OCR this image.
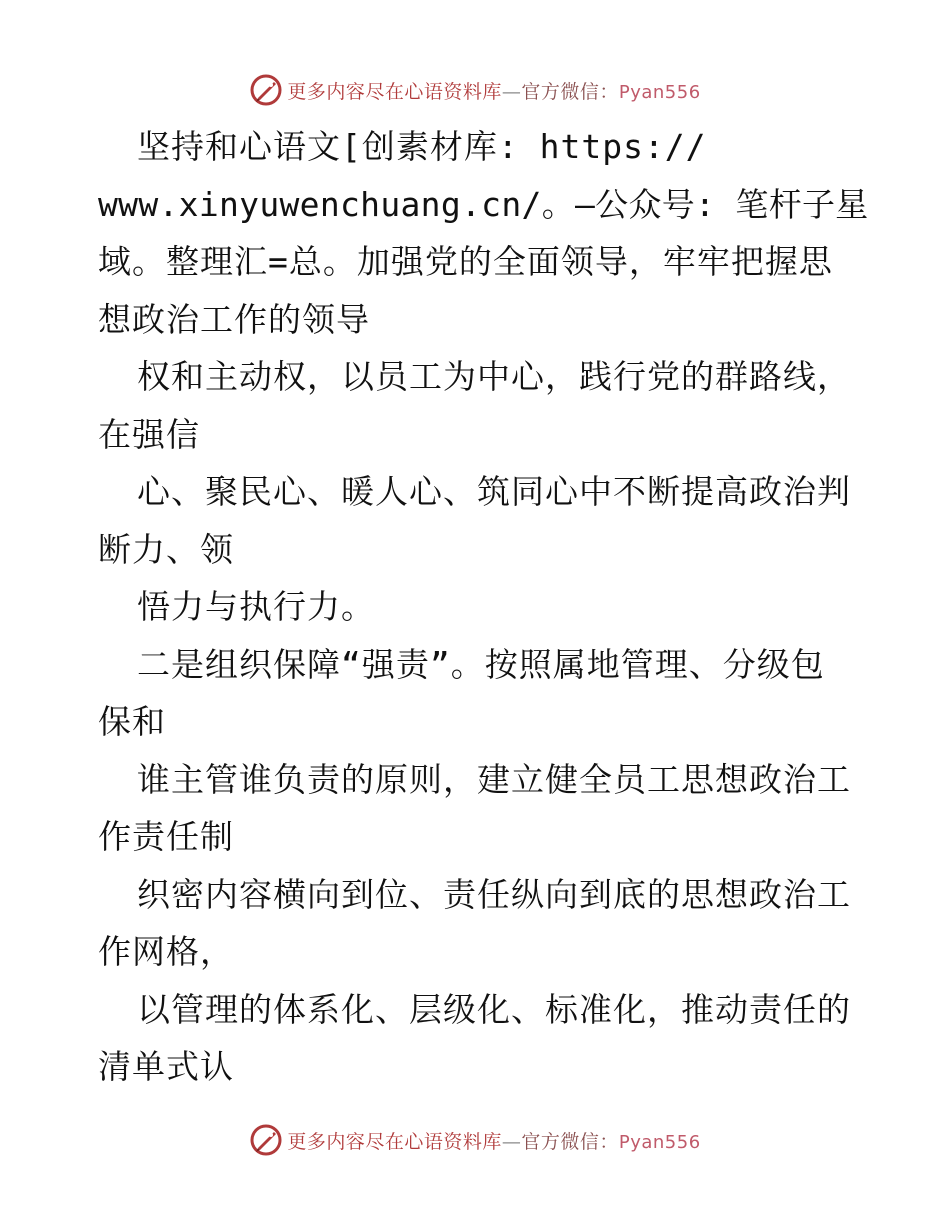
更多内容尽在心语资料库—官方微信：Pyan556
坚持和心语文[创素材库: https://
www.xinyuwenchuang.cn/。—公众号: 笔杆子星
域。整理汇=总。加强党的全面领导，牢牢把握思
想政治工作的领导
权和主动权，以员工为中心，践行党的群路线，
在强信
心、聚民心、暖人心、筑同心中不断提高政治判
断力、领
悟力与执行力。
二是组织保障“强责”。按照属地管理、分级包
保和
谁主管谁负责的原则，建立健全员工思想政治工
作责任制
织密内容横向到位、责任纵向到底的思想政治工
作网格，
以管理的体系化、层级化、标准化，推动责任的
清单式认
更多内容尽在心语资料库—官方微信：Pyan556
